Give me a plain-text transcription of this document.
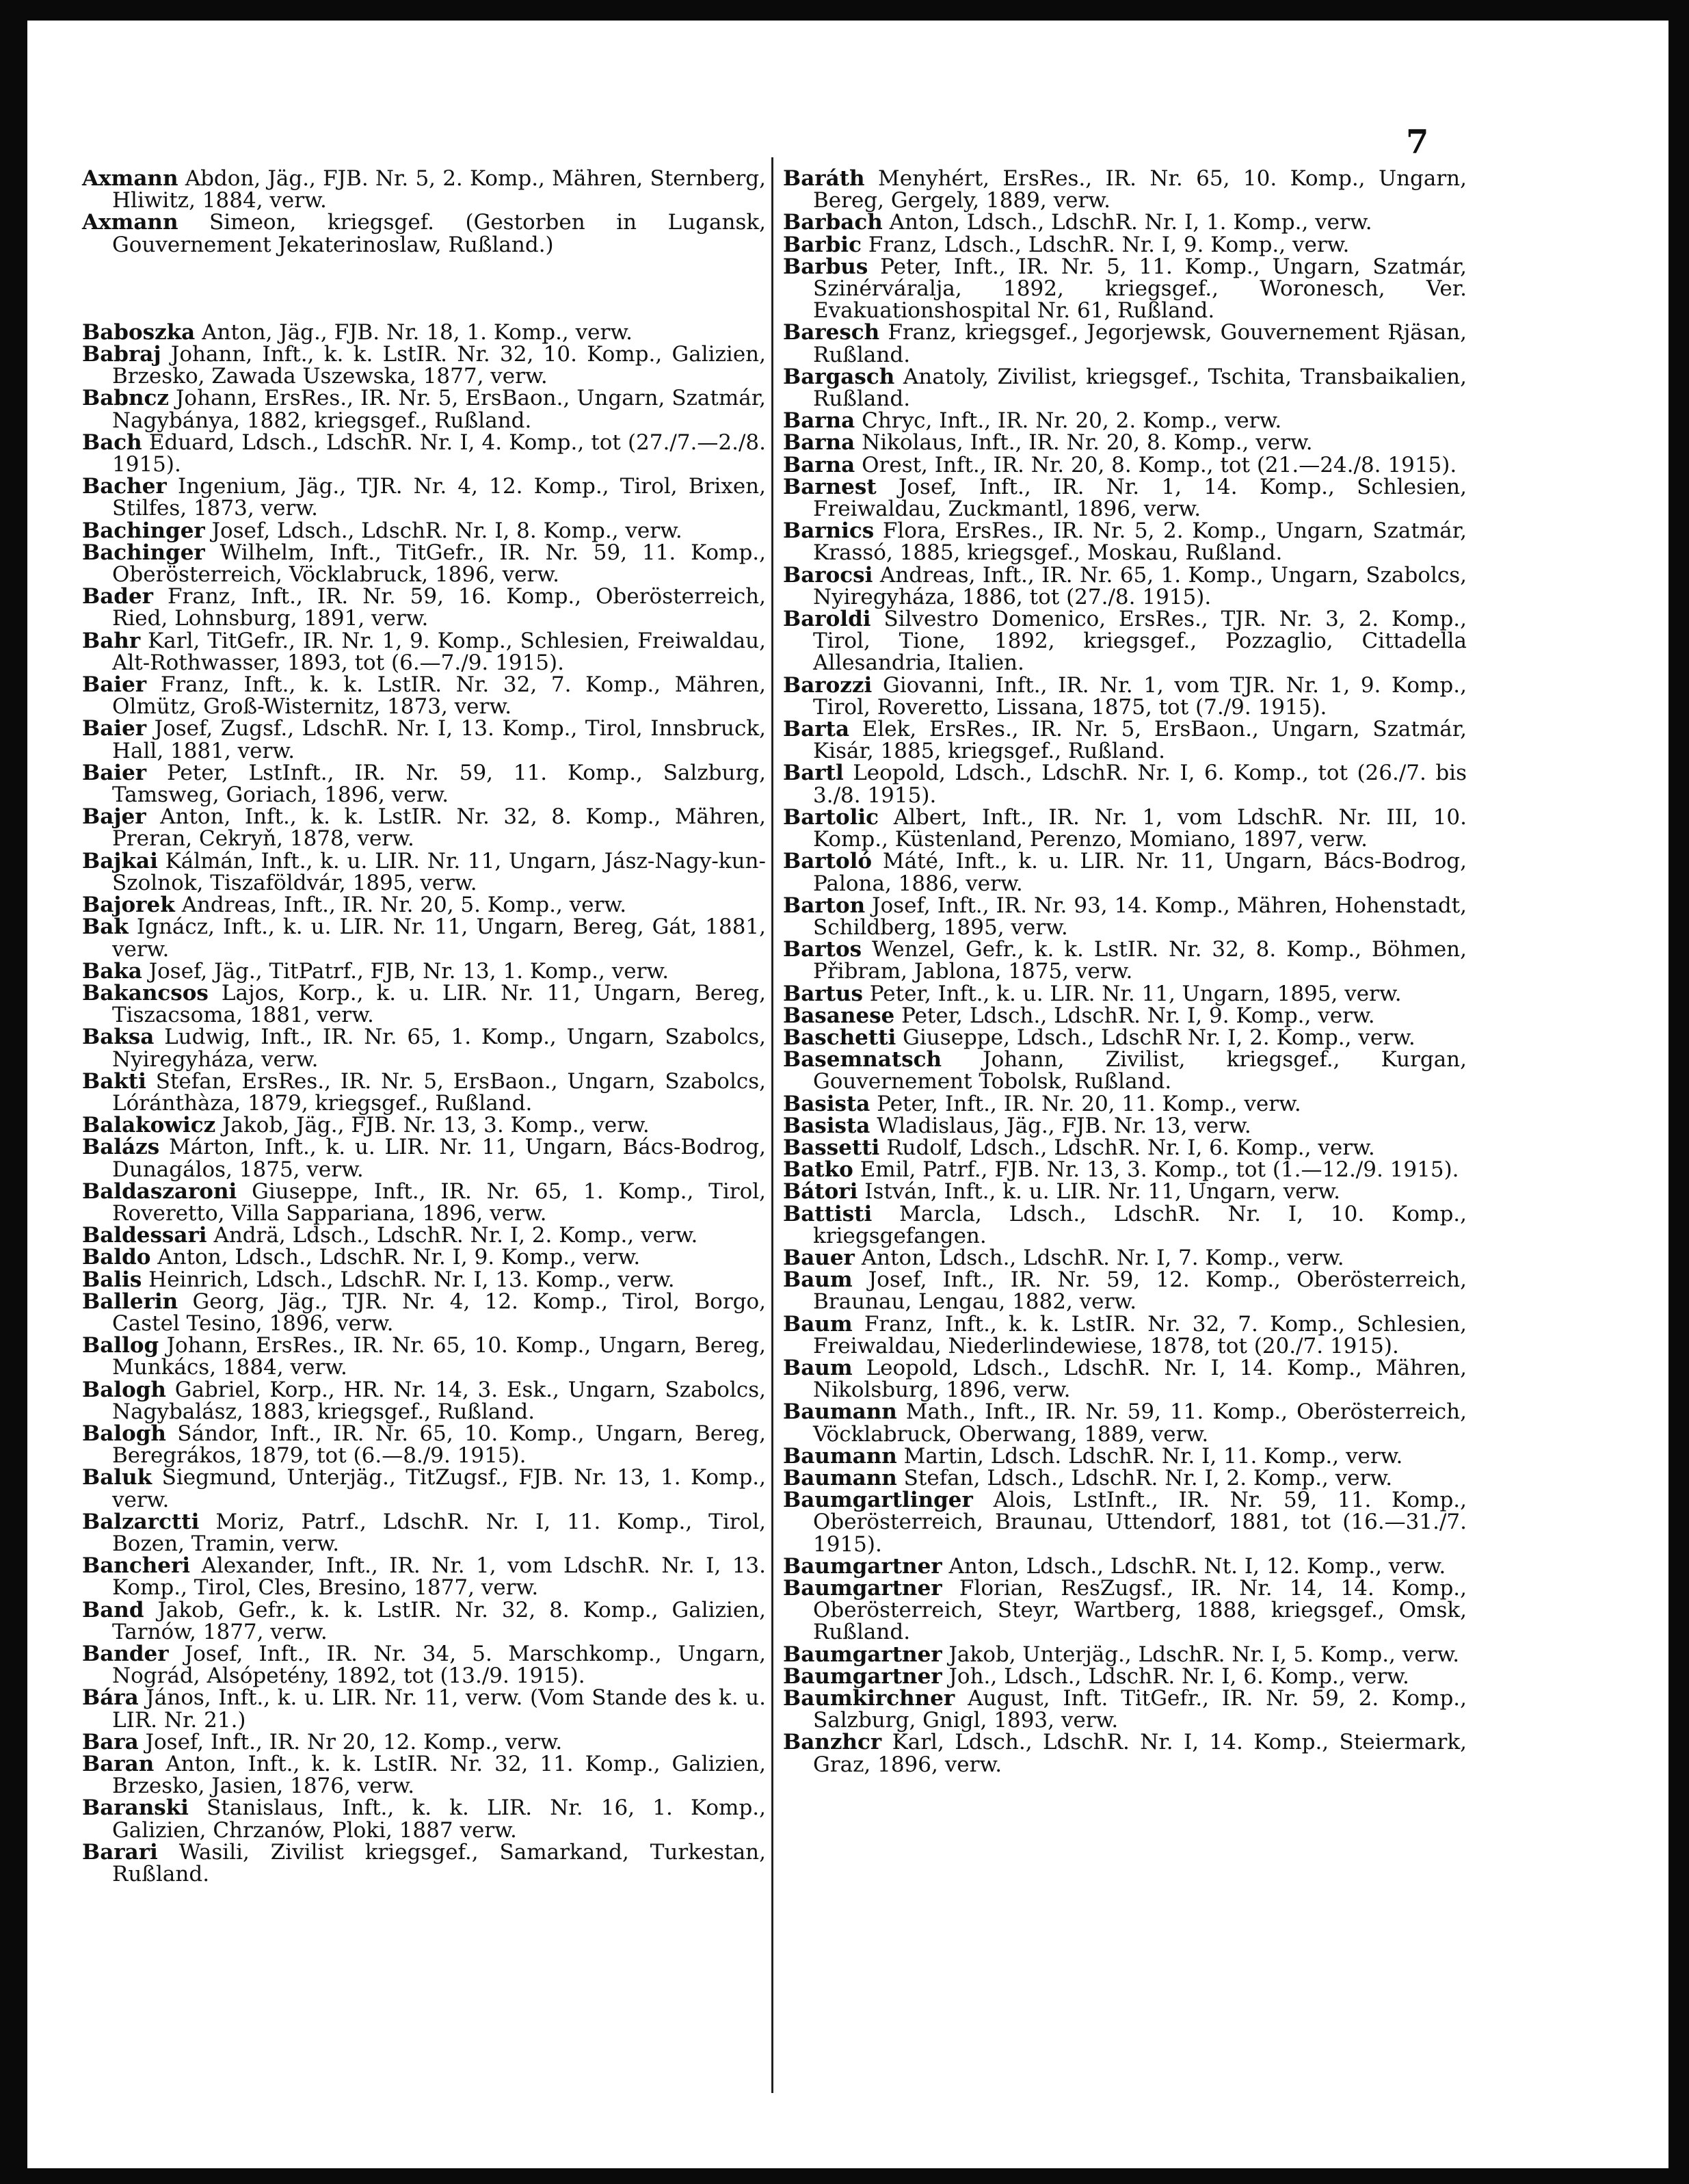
7

Axmann Abdon, Jäg., FJB. Nr. 5, 2. Komp., Mähren, Sternberg, Hliwitz, 1884, verw.

Axmann Simeon, kriegsgef. (Gestorben in Lugansk, Gouvernement Jekaterinoslaw, Rußland.)

Baboszka Anton, Jäg., FJB. Nr. 18, 1. Komp., verw.

Babraj Johann, Inft., k. k. LstIR. Nr. 32, 10. Komp., Galizien, Brzesko, Zawada Uszewska, 1877, verw.

Babncz Johann, ErsRes., IR. Nr. 5, ErsBaon., Ungarn, Szatmár, Nagybánya, 1882, kriegsgef., Rußland.

Bach Eduard, Ldsch., LdschR. Nr. I, 4. Komp., tot (27./7.—2./8. 1915).

Bacher Ingenium, Jäg., TJR. Nr. 4, 12. Komp., Tirol, Brixen, Stilfes, 1873, verw.

Bachinger Josef, Ldsch., LdschR. Nr. I, 8. Komp., verw.

Bachinger Wilhelm, Inft., TitGefr., IR. Nr. 59, 11. Komp., Oberösterreich, Vöcklabruck, 1896, verw.

Bader Franz, Inft., IR. Nr. 59, 16. Komp., Oberösterreich, Ried, Lohnsburg, 1891, verw.

Bahr Karl, TitGefr., IR. Nr. 1, 9. Komp., Schlesien, Freiwaldau, Alt-Rothwasser, 1893, tot (6.—7./9. 1915).

Baier Franz, Inft., k. k. LstIR. Nr. 32, 7. Komp., Mähren, Olmütz, Groß-Wisternitz, 1873, verw.

Baier Josef, Zugsf., LdschR. Nr. I, 13. Komp., Tirol, Innsbruck, Hall, 1881, verw.

Baier Peter, LstInft., IR. Nr. 59, 11. Komp., Salzburg, Tamsweg, Goriach, 1896, verw.

Bajer Anton, Inft., k. k. LstIR. Nr. 32, 8. Komp., Mähren, Preran, Cekryň, 1878, verw.

Bajkai Kálmán, Inft., k. u. LIR. Nr. 11, Ungarn, Jász-Nagy-kun-Szolnok, Tiszaföldvár, 1895, verw.

Bajorek Andreas, Inft., IR. Nr. 20, 5. Komp., verw.

Bak Ignácz, Inft., k. u. LIR. Nr. 11, Ungarn, Bereg, Gát, 1881, verw.

Baka Josef, Jäg., TitPatrf., FJB, Nr. 13, 1. Komp., verw.

Bakancsos Lajos, Korp., k. u. LIR. Nr. 11, Ungarn, Bereg, Tiszacsoma, 1881, verw.

Baksa Ludwig, Inft., IR. Nr. 65, 1. Komp., Ungarn, Szabolcs, Nyiregyháza, verw.

Bakti Stefan, ErsRes., IR. Nr. 5, ErsBaon., Ungarn, Szabolcs, Lóránthàza, 1879, kriegsgef., Rußland.

Balakowicz Jakob, Jäg., FJB. Nr. 13, 3. Komp., verw.

Balázs Márton, Inft., k. u. LIR. Nr. 11, Ungarn, Bács-Bodrog, Dunagálos, 1875, verw.

Baldaszaroni Giuseppe, Inft., IR. Nr. 65, 1. Komp., Tirol, Roveretto, Villa Sappariana, 1896, verw.

Baldessari Andrä, Ldsch., LdschR. Nr. I, 2. Komp., verw.

Baldo Anton, Ldsch., LdschR. Nr. I, 9. Komp., verw.

Balis Heinrich, Ldsch., LdschR. Nr. I, 13. Komp., verw.

Ballerin Georg, Jäg., TJR. Nr. 4, 12. Komp., Tirol, Borgo, Castel Tesino, 1896, verw.

Ballog Johann, ErsRes., IR. Nr. 65, 10. Komp., Ungarn, Bereg, Munkács, 1884, verw.

Balogh Gabriel, Korp., HR. Nr. 14, 3. Esk., Ungarn, Szabolcs, Nagybalász, 1883, kriegsgef., Rußland.

Balogh Sándor, Inft., IR. Nr. 65, 10. Komp., Ungarn, Bereg, Beregrákos, 1879, tot (6.—8./9. 1915).

Baluk Siegmund, Unterjäg., TitZugsf., FJB. Nr. 13, 1. Komp., verw.

Balzarctti Moriz, Patrf., LdschR. Nr. I, 11. Komp., Tirol, Bozen, Tramin, verw.

Bancheri Alexander, Inft., IR. Nr. 1, vom LdschR. Nr. I, 13. Komp., Tirol, Cles, Bresino, 1877, verw.

Band Jakob, Gefr., k. k. LstIR. Nr. 32, 8. Komp., Galizien, Tarnów, 1877, verw.

Bander Josef, Inft., IR. Nr. 34, 5. Marschkomp., Ungarn, Nográd, Alsópetény, 1892, tot (13./9. 1915).

Bára János, Inft., k. u. LIR. Nr. 11, verw. (Vom Stande des k. u. LIR. Nr. 21.)

Bara Josef, Inft., IR. Nr 20, 12. Komp., verw.

Baran Anton, Inft., k. k. LstIR. Nr. 32, 11. Komp., Galizien, Brzesko, Jasien, 1876, verw.

Baranski Stanislaus, Inft., k. k. LIR. Nr. 16, 1. Komp., Galizien, Chrzanów, Ploki, 1887 verw.

Barari Wasili, Zivilist kriegsgef., Samarkand, Turkestan, Rußland.

Baráth Menyhért, ErsRes., IR. Nr. 65, 10. Komp., Ungarn, Bereg, Gergely, 1889, verw.

Barbach Anton, Ldsch., LdschR. Nr. I, 1. Komp., verw.

Barbic Franz, Ldsch., LdschR. Nr. I, 9. Komp., verw.

Barbus Peter, Inft., IR. Nr. 5, 11. Komp., Ungarn, Szatmár, Szinérváralja, 1892, kriegsgef., Woronesch, Ver. Evakuationshospital Nr. 61, Rußland.

Baresch Franz, kriegsgef., Jegorjewsk, Gouvernement Rjäsan, Rußland.

Bargasch Anatoly, Zivilist, kriegsgef., Tschita, Transbaikalien, Rußland.

Barna Chryc, Inft., IR. Nr. 20, 2. Komp., verw.

Barna Nikolaus, Inft., IR. Nr. 20, 8. Komp., verw.

Barna Orest, Inft., IR. Nr. 20, 8. Komp., tot (21.—24./8. 1915).

Barnest Josef, Inft., IR. Nr. 1, 14. Komp., Schlesien, Freiwaldau, Zuckmantl, 1896, verw.

Barnics Flora, ErsRes., IR. Nr. 5, 2. Komp., Ungarn, Szatmár, Krassó, 1885, kriegsgef., Moskau, Rußland.

Barocsi Andreas, Inft., IR. Nr. 65, 1. Komp., Ungarn, Szabolcs, Nyiregyháza, 1886, tot (27./8. 1915).

Baroldi Silvestro Domenico, ErsRes., TJR. Nr. 3, 2. Komp., Tirol, Tione, 1892, kriegsgef., Pozzaglio, Cittadella Allesandria, Italien.

Barozzi Giovanni, Inft., IR. Nr. 1, vom TJR. Nr. 1, 9. Komp., Tirol, Roveretto, Lissana, 1875, tot (7./9. 1915).

Barta Elek, ErsRes., IR. Nr. 5, ErsBaon., Ungarn, Szatmár, Kisár, 1885, kriegsgef., Rußland.

Bartl Leopold, Ldsch., LdschR. Nr. I, 6. Komp., tot (26./7. bis 3./8. 1915).

Bartolic Albert, Inft., IR. Nr. 1, vom LdschR. Nr. III, 10. Komp., Küstenland, Perenzo, Momiano, 1897, verw.

Bartoló Máté, Inft., k. u. LIR. Nr. 11, Ungarn, Bács-Bodrog, Palona, 1886, verw.

Barton Josef, Inft., IR. Nr. 93, 14. Komp., Mähren, Hohenstadt, Schildberg, 1895, verw.

Bartos Wenzel, Gefr., k. k. LstIR. Nr. 32, 8. Komp., Böhmen, Přibram, Jablona, 1875, verw.

Bartus Peter, Inft., k. u. LIR. Nr. 11, Ungarn, 1895, verw.

Basanese Peter, Ldsch., LdschR. Nr. I, 9. Komp., verw.

Baschetti Giuseppe, Ldsch., LdschR Nr. I, 2. Komp., verw.

Basemnatsch Johann, Zivilist, kriegsgef., Kurgan, Gouvernement Tobolsk, Rußland.

Basista Peter, Inft., IR. Nr. 20, 11. Komp., verw.

Basista Wladislaus, Jäg., FJB. Nr. 13, verw.

Bassetti Rudolf, Ldsch., LdschR. Nr. I, 6. Komp., verw.

Batko Emil, Patrf., FJB. Nr. 13, 3. Komp., tot (1.—12./9. 1915).

Bátori István, Inft., k. u. LIR. Nr. 11, Ungarn, verw.

Battisti Marcla, Ldsch., LdschR. Nr. I, 10. Komp., kriegsgefangen.

Bauer Anton, Ldsch., LdschR. Nr. I, 7. Komp., verw.

Baum Josef, Inft., IR. Nr. 59, 12. Komp., Oberösterreich, Braunau, Lengau, 1882, verw.

Baum Franz, Inft., k. k. LstIR. Nr. 32, 7. Komp., Schlesien, Freiwaldau, Niederlindewiese, 1878, tot (20./7. 1915).

Baum Leopold, Ldsch., LdschR. Nr. I, 14. Komp., Mähren, Nikolsburg, 1896, verw.

Baumann Math., Inft., IR. Nr. 59, 11. Komp., Oberösterreich, Vöcklabruck, Oberwang, 1889, verw.

Baumann Martin, Ldsch. LdschR. Nr. I, 11. Komp., verw.

Baumann Stefan, Ldsch., LdschR. Nr. I, 2. Komp., verw.

Baumgartlinger Alois, LstInft., IR. Nr. 59, 11. Komp., Oberösterreich, Braunau, Uttendorf, 1881, tot (16.—31./7. 1915).

Baumgartner Anton, Ldsch., LdschR. Nt. I, 12. Komp., verw.

Baumgartner Florian, ResZugsf., IR. Nr. 14, 14. Komp., Oberösterreich, Steyr, Wartberg, 1888, kriegsgef., Omsk, Rußland.

Baumgartner Jakob, Unterjäg., LdschR. Nr. I, 5. Komp., verw.

Baumgartner Joh., Ldsch., LdschR. Nr. I, 6. Komp., verw.

Baumkirchner August, Inft. TitGefr., IR. Nr. 59, 2. Komp., Salzburg, Gnigl, 1893, verw.

Banzhcr Karl, Ldsch., LdschR. Nr. I, 14. Komp., Steiermark, Graz, 1896, verw.
